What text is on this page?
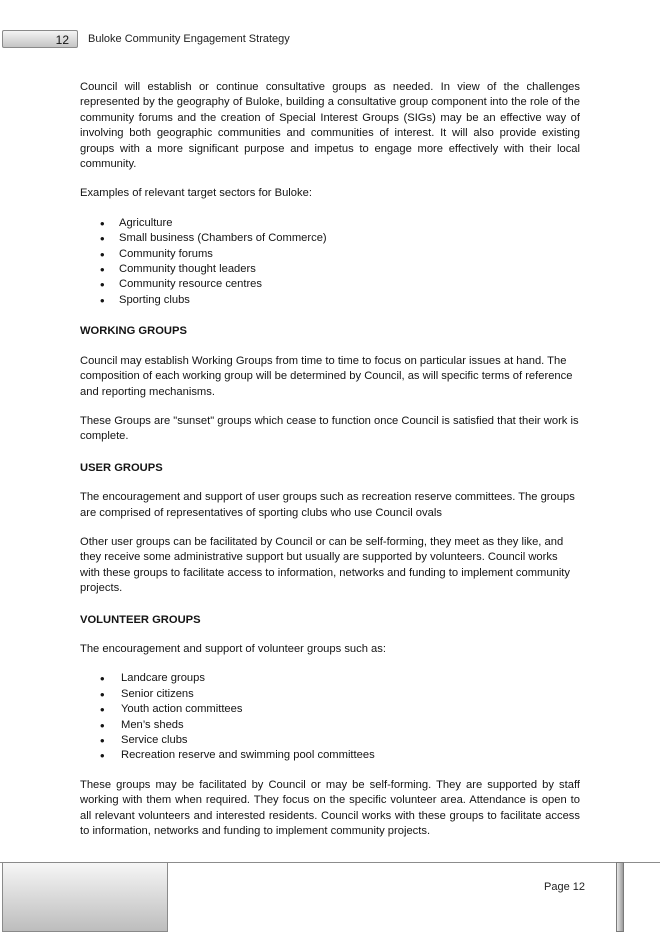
12	Buloke Community Engagement Strategy

Council will establish or continue consultative groups as needed. In view of the challenges represented by the geography of Buloke, building a consultative group component into the role of the community forums and the creation of Special Interest Groups (SIGs) may be an effective way of involving both geographic communities and communities of interest. It will also provide existing groups with a more significant purpose and impetus to engage more effectively with their local community.

Examples of relevant target sectors for Buloke:

• Agriculture
• Small business (Chambers of Commerce)
• Community forums
• Community thought leaders
• Community resource centres
• Sporting clubs

WORKING GROUPS

Council may establish Working Groups from time to time to focus on particular issues at hand. The composition of each working group will be determined by Council, as will specific terms of reference and reporting mechanisms.

These Groups are "sunset" groups which cease to function once Council is satisfied that their work is complete.

USER GROUPS

The encouragement and support of user groups such as recreation reserve committees. The groups are comprised of representatives of sporting clubs who use Council ovals

Other user groups can be facilitated by Council or can be self-forming, they meet as they like, and they receive some administrative support but usually are supported by volunteers. Council works with these groups to facilitate access to information, networks and funding to implement community projects.

VOLUNTEER GROUPS

The encouragement and support of volunteer groups such as:

• Landcare groups
• Senior citizens
• Youth action committees
• Men’s sheds
• Service clubs
• Recreation reserve and swimming pool committees

These groups may be facilitated by Council or may be self-forming. They are supported by staff working with them when required. They focus on the specific volunteer area. Attendance is open to all relevant volunteers and interested residents. Council works with these groups to facilitate access to information, networks and funding to implement community projects.

Page 12
